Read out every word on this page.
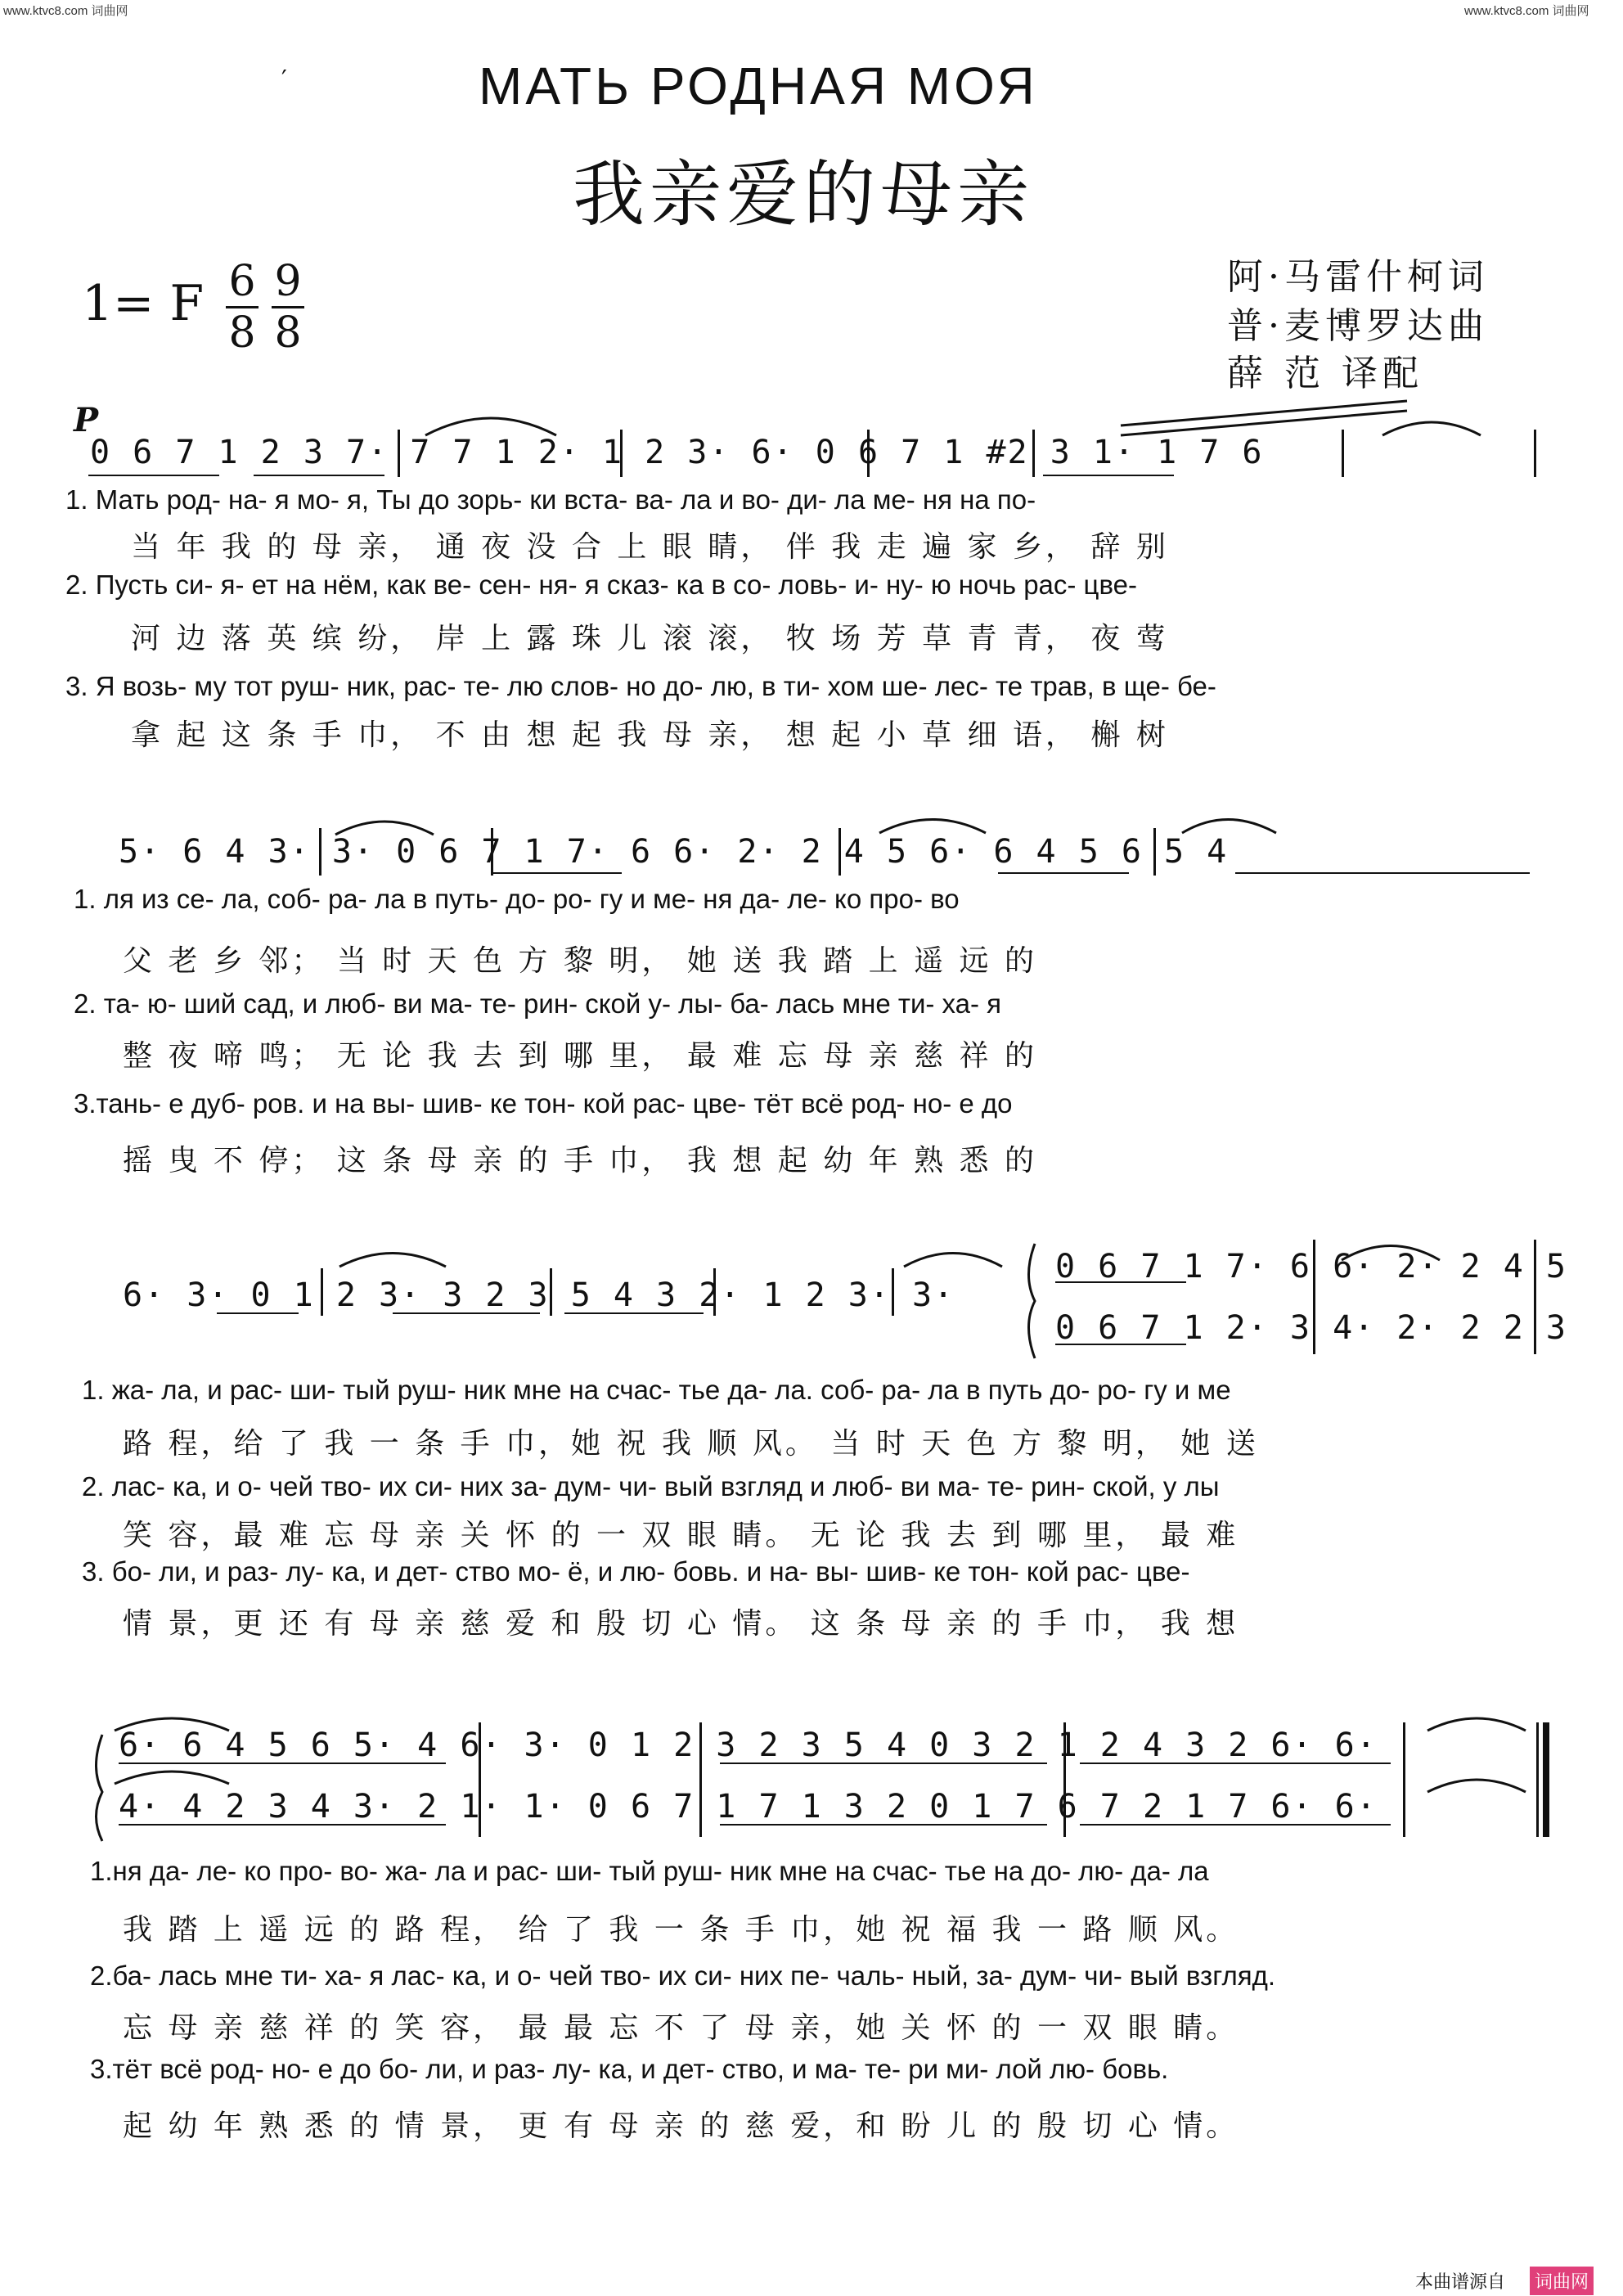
www.ktvc8.com 词曲网	www.ktvc8.com 词曲网
′	МАТЬ РОДНАЯ МОЯ
我亲爱的母亲
1= F 6
8
9
8
阿·马雷什柯词
普·麦博罗达曲
薛 范 译配
P
0 6 7 1 2 3 7· 7 7 1 2· 1 2 3· 6· 0 6 7 1 #2 3 1· 1 7 6
1. Мать род- на- я мо- я, Ты до зорь- ки вста- ва- ла и во- ди- ла ме- ня на по-
当 年 我 的 母 亲， 通 夜 没 合 上 眼 睛， 伴 我 走 遍 家 乡， 辞 别
2. Пусть си- я- ет на нём, как ве- сен- ня- я сказ- ка в со- ловь- и- ну- ю ночь рас- цве-
河 边 落 英 缤 纷， 岸 上 露 珠 儿 滚 滚， 牧 场 芳 草 青 青， 夜 莺
3. Я возь- му тот руш- ник, рас- те- лю слов- но до- лю, в ти- хом ше- лес- те трав, в ще- бе-
拿 起 这 条 手 巾， 不 由 想 起 我 母 亲， 想 起 小 草 细 语， 槲 树
5· 6 4 3· 3· 0 6 7 1 7· 6 6· 2· 2 4 5 6· 6 4 5 6 5 4
1. ля из се- ла, соб- ра- ла в путь- до- ро- гу и ме- ня да- ле- ко про- во
父 老 乡 邻； 当 时 天 色 方 黎 明， 她 送 我 踏 上 遥 远 的
2. та- ю- ший сад, и люб- ви ма- те- рин- ской у- лы- ба- лась мне ти- ха- я
整 夜 啼 鸣； 无 论 我 去 到 哪 里， 最 难 忘 母 亲 慈 祥 的
3.тань- е дуб- ров. и на вы- шив- ке тон- кой рас- цве- тёт всё род- но- е до
摇 曳 不 停； 这 条 母 亲 的 手 巾， 我 想 起 幼 年 熟 悉 的
6· 3· 0 1 2 3· 3 2 3 5 4 3 2· 1 2 3· 3·
0 6 7 1 7· 6 6· 2· 2 4 5
0 6 7 1 2· 3 4· 2· 2 2 3
1. жа- ла, и рас- ши- тый руш- ник мне на счас- тье да- ла. соб- ра- ла в путь до- ро- гу и ме
路 程，给 了 我 一 条 手 巾，她 祝 我 顺 风。 当 时 天 色 方 黎 明， 她 送
2. лас- ка, и о- чей тво- их си- них за- дум- чи- вый взгляд и люб- ви ма- те- рин- ской, у лы
笑 容，最 难 忘 母 亲 关 怀 的 一 双 眼 睛。 无 论 我 去 到 哪 里， 最 难
3. бо- ли, и раз- лу- ка, и дет- ство мо- ё, и лю- бовь. и на- вы- шив- ке тон- кой рас- цве-
情 景，更 还 有 母 亲 慈 爱 和 殷 切 心 情。 这 条 母 亲 的 手 巾， 我 想
6· 6 4 5 6 5· 4 6· 3· 0 1 2 3 2 3 5 4 0 3 2 1 2 4 3 2 6· 6·
4· 4 2 3 4 3· 2 1· 1· 0 6 7 1 7 1 3 2 0 1 7 6 7 2 1 7 6· 6·
1.ня да- ле- ко про- во- жа- ла и рас- ши- тый руш- ник мне на счас- тье на до- лю- да- ла
我 踏 上 遥 远 的 路 程， 给 了 我 一 条 手 巾，她 祝 福 我 一 路 顺 风。
2.ба- лась мне ти- ха- я лас- ка, и о- чей тво- их си- них пе- чаль- ный, за- дум- чи- вый взгляд.
忘 母 亲 慈 祥 的 笑 容， 最 最 忘 不 了 母 亲，她 关 怀 的 一 双 眼 睛。
3.тёт всё род- но- е до бо- ли, и раз- лу- ка, и дет- ство, и ма- те- ри ми- лой лю- бовь.
起 幼 年 熟 悉 的 情 景， 更 有 母 亲 的 慈 爱，和 盼 儿 的 殷 切 心 情。
本曲谱源自 词曲网
